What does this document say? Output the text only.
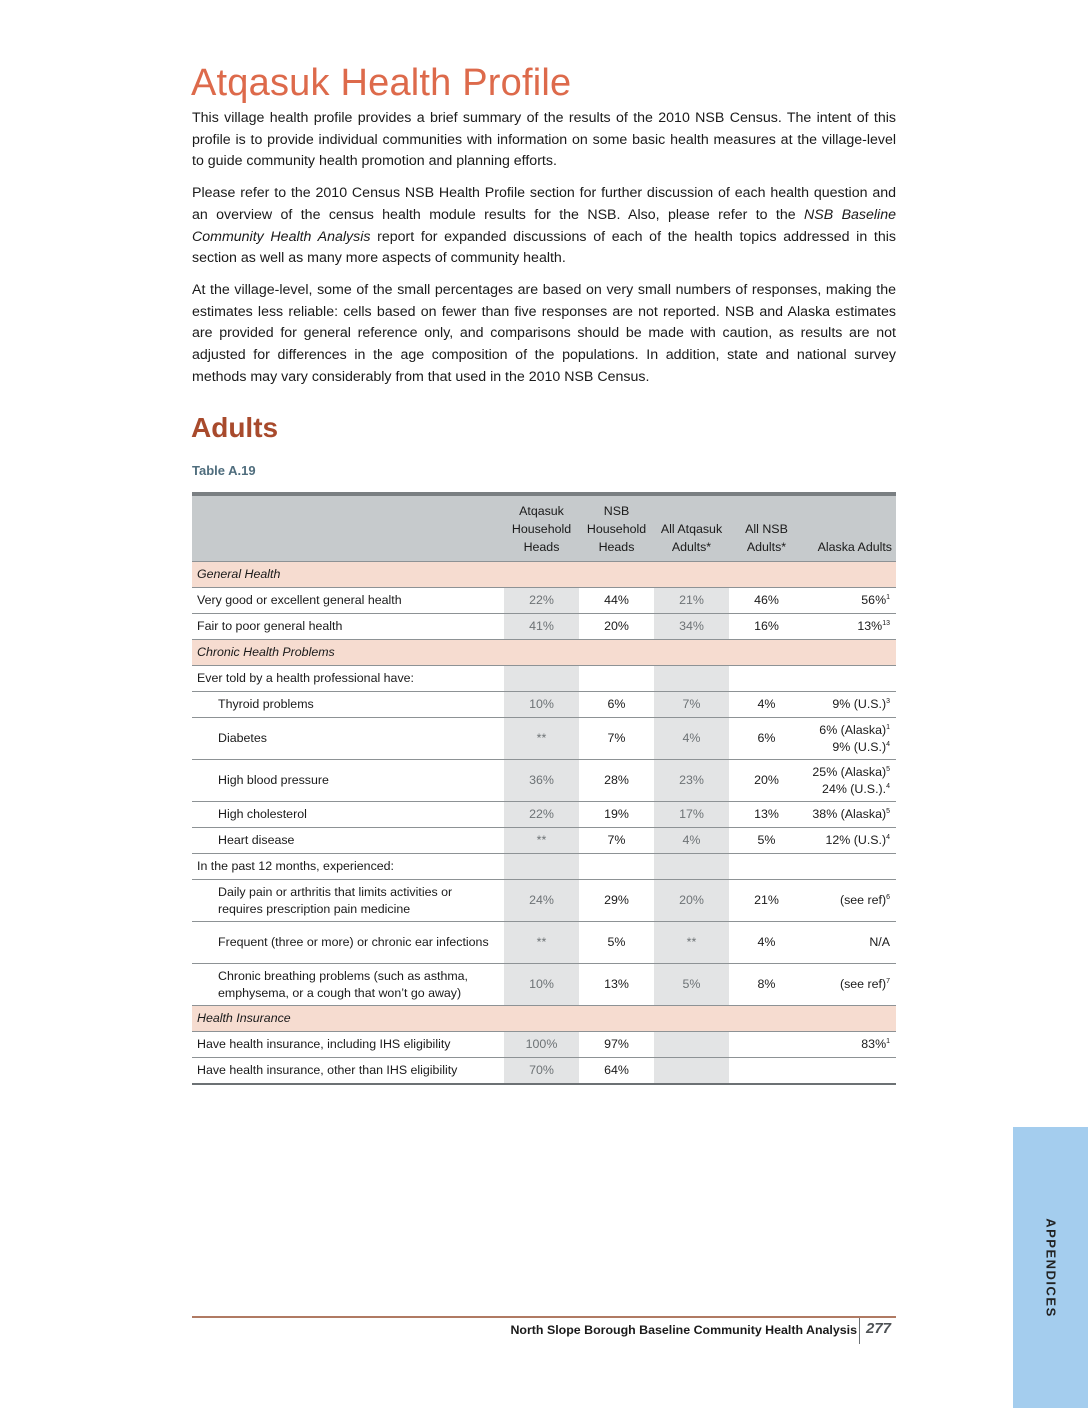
Atqasuk Health Profile

This village health profile provides a brief summary of the results of the 2010 NSB Census. The intent of this profile is to provide individual communities with information on some basic health measures at the village-level to guide community health promotion and planning efforts.

Please refer to the 2010 Census NSB Health Profile section for further discussion of each health question and an overview of the census health module results for the NSB. Also, please refer to the NSB Baseline Community Health Analysis report for expanded discussions of each of the health topics addressed in this section as well as many more aspects of community health.

At the village-level, some of the small percentages are based on very small numbers of responses, making the estimates less reliable: cells based on fewer than five responses are not reported. NSB and Alaska estimates are provided for general reference only, and comparisons should be made with caution, as results are not adjusted for differences in the age composition of the populations. In addition, state and national survey methods may vary considerably from that used in the 2010 NSB Census.

Adults
Table A.19
	Atqasuk Household Heads	NSB Household Heads	All Atqasuk Adults*	All NSB Adults*	Alaska Adults
General Health					
Very good or excellent general health	22%	44%	21%	46%	56%$^1$
Fair to poor general health	41%	20%	34%	16%	13%$^{13}$
Chronic Health Problems					
Ever told by a health professional have:					
Thyroid problems	10%	6%	7%	4%	9% $(U.S.)^3$
Diabetes	**	7%	4%	6%	6% (Alaska)$^1$
9% $(U.S.)^4$
High blood pressure	36%	28%	23%	20%	25% (Alaska)$^5$
24% (U.S.).$^4$
High cholesterol	22%	19%	17%	13%	38% (Alaska)$^5$
Heart disease	**	7%	4%	5%	12% $(U.S.)^4$
In the past 12 months, experienced:					
Daily pain or arthritis that limits activities or requires prescription pain medicine	24%	29%	20%	21%	(see ref)$^6$
Frequent (three or more) or chronic ear infections	**	5%	**	4%	N/A
Chronic breathing problems (such as asthma, emphysema, or a cough that won’t go away)	10%	13%	5%	8%	(see ref)$^7$
Health Insurance					
Have health insurance, including IHS eligibility	100%	97%			83%$^1$
Have health insurance, other than IHS eligibility	70%	64%			
North Slope Borough Baseline Community Health Analysis 277
APPENDICES
